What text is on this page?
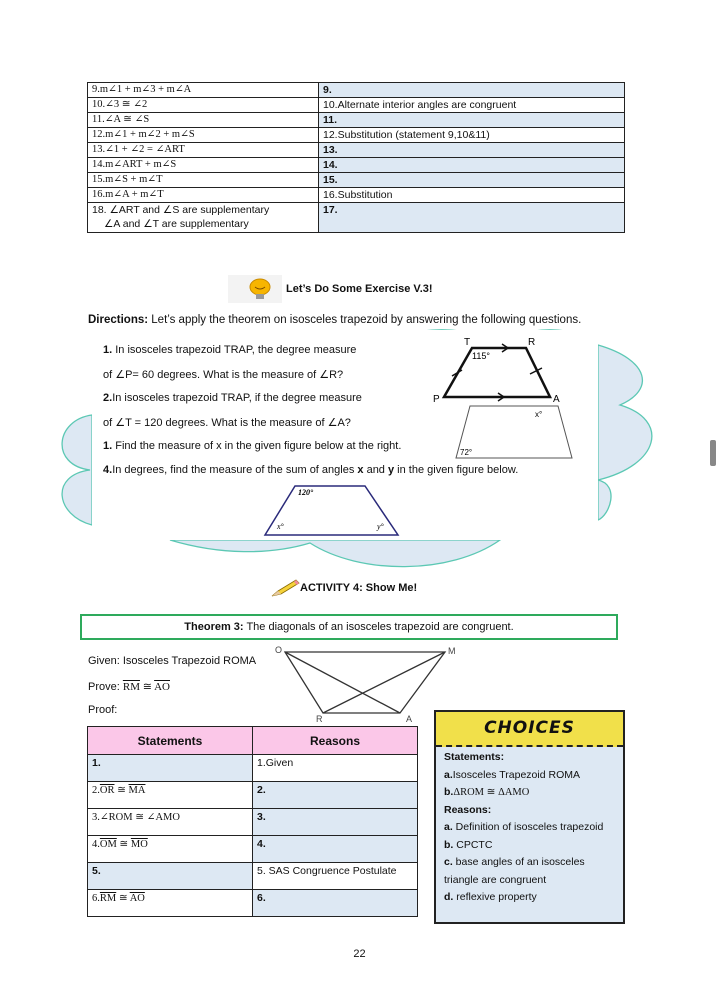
9.m∠1 + m∠3 + m∠A	9.
10.∠3 ≅ ∠2	10.Alternate interior angles are congruent
11.∠A ≅ ∠S	11.
12.m∠1 + m∠2 + m∠S	12.Substitution (statement 9,10&11)
13.∠1 + ∠2 = ∠ART	13.
14.m∠ART + m∠S	14.
15.m∠S + m∠T	15.
16.m∠A + m∠T	16.Substitution

18. ∠ART and ∠S are supplementary
∠A and ∠T are supplementary	17.
Let’s Do Some Exercise V.3!
Directions: Let’s apply the theorem on isosceles trapezoid by answering the following questions.
1. In isosceles trapezoid TRAP, the degree measure
of ∠P= 60 degrees. What is the measure of ∠R?
2.In isosceles trapezoid TRAP, if the degree measure
of ∠T = 120 degrees. What is the measure of ∠A?
1. Find the measure of x in the given figure below at the right.
4.In degrees, find the measure of the sum of angles x and y in the given figure below.
T	R
P	A
115°
x°
72°
120°
x°	y°
ACTIVITY 4: Show Me!
Theorem 3: The diagonals of an isosceles trapezoid are congruent.
Given: Isosceles Trapezoid ROMA
Prove: $\overline{RM}$ ≅ $\overline{AO}$
Proof:
O	M
R	A
Statements	Reasons
1.	1.Given
$2.\overline{OR}$ ≅ $\overline{MA}$	2.
3.∠ROM ≅ ∠AMO	3.
$4.\overline{OM}$ ≅ $\overline{MO}$	4.
5.	5. SAS Congruence Postulate
$6.\overline{RM}$ ≅ $\overline{AO}$	6.
CHOICES
Statements:
a.Isosceles Trapezoid ROMA
b.ΔROM ≅ ΔAMO
Reasons:
a. Definition of isosceles trapezoid
b. CPCTC
c. base angles of an isosceles triangle are congruent
d. reflexive property
22
